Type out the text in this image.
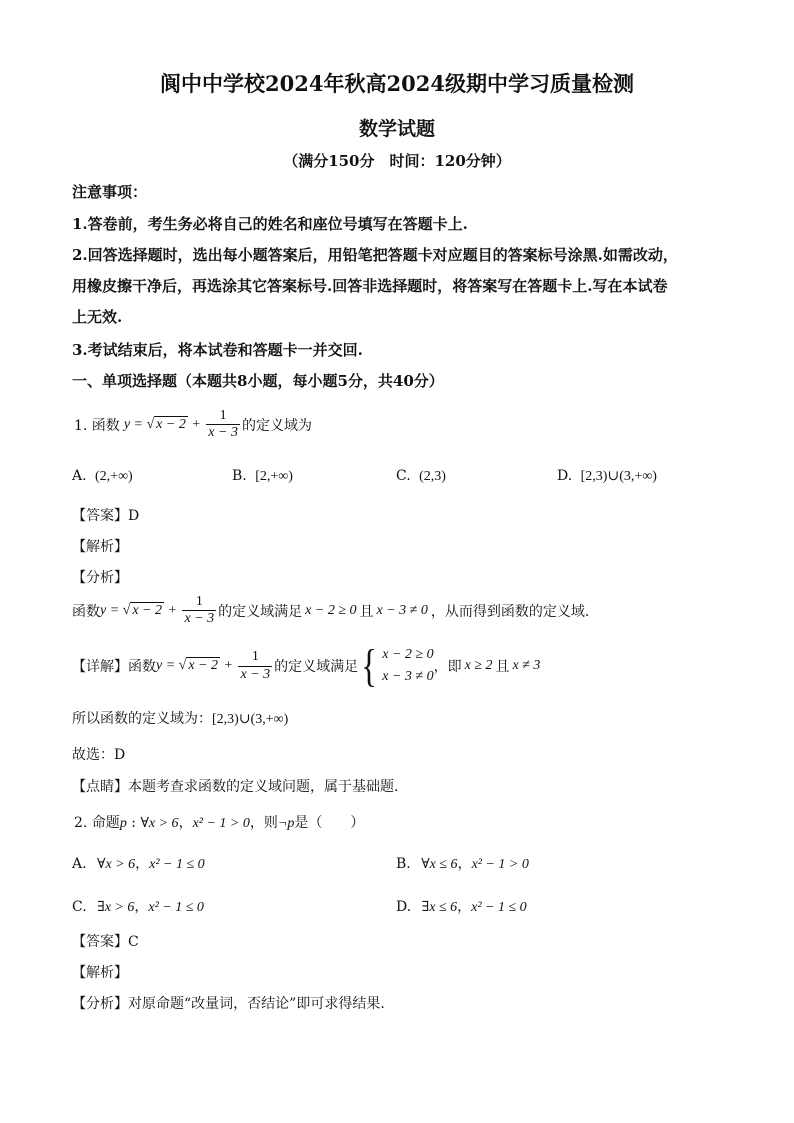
阆中中学校2024年秋高2024级期中学习质量检测
数学试题
（满分150分　时间：120分钟）
注意事项：
1.答卷前，考生务必将自己的姓名和座位号填写在答题卡上.
2.回答选择题时，选出每小题答案后，用铅笔把答题卡对应题目的答案标号涂黑.如需改动，
用橡皮擦干净后，再选涂其它答案标号.回答非选择题时，将答案写在答题卡上.写在本试卷
上无效.
3.考试结束后，将本试卷和答题卡一并交回.
一、单项选择题（本题共8小题，每小题5分，共40分）
1. 函数 y = √ $x - 2 + \frac{1}{x - 3}$ 的定义域为
A. (2,+∞)	B. [2,+∞)	C. (2,3)	D. [2,3)∪(3,+∞)
【答案】D
【解析】
【分析】
函数 y = √ $x - 2 + \frac{1}{x - 3}$ 的定义域满足 x − 2 ≥ 0 且 x − 3 ≠ 0 ，从而得到函数的定义域.
【详解】 函数 y = √ $x - 2 + \frac{1}{x - 3}$ 的定义域满足 { x − 2 ≥ 0
x − 3 ≠ 0
，即 x ≥ 2 且 x ≠ 3
所以函数的定义域为：[2,3)∪(3,+∞)
故选：D
【点睛】本题考查求函数的定义域问题，属于基础题.
2. 命题p : ∀x > 6，x² − 1 > 0，则¬p是（　　）
A. ∀x > 6，x² − 1 ≤ 0	B. ∀x ≤ 6，x² − 1 > 0
C. ∃x > 6，x² − 1 ≤ 0	D. ∃x ≤ 6，x² − 1 ≤ 0
【答案】C
【解析】
【分析】对原命题“改量词，否结论”即可求得结果.
